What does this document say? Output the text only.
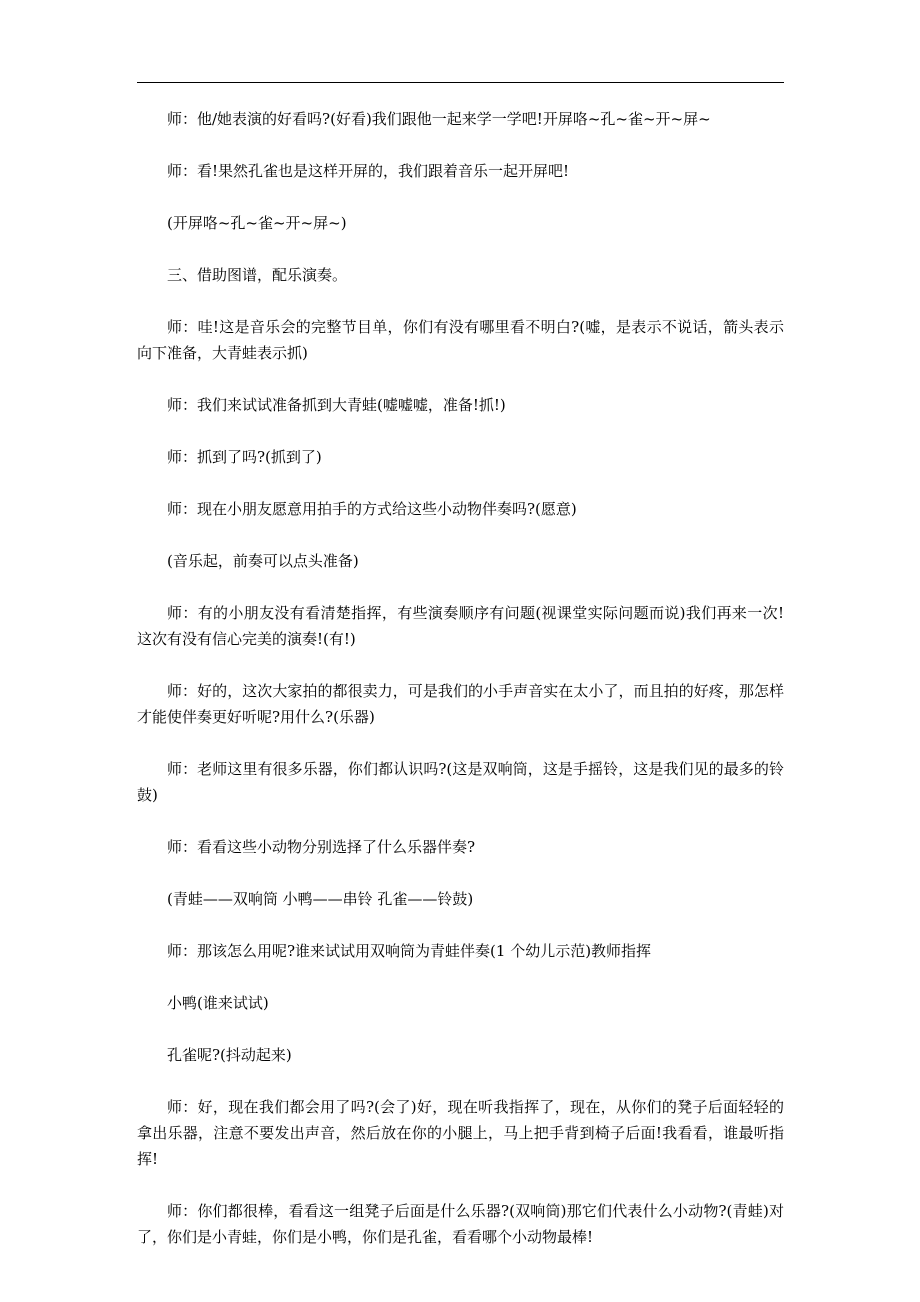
师：他/她表演的好看吗?(好看)我们跟他一起来学一学吧!开屏咯~孔~雀~开~屏~

师：看!果然孔雀也是这样开屏的，我们跟着音乐一起开屏吧!

(开屏咯~孔~雀~开~屏~)

三、借助图谱，配乐演奏。

师：哇!这是音乐会的完整节目单，你们有没有哪里看不明白?(嘘，是表示不说话，箭头表示向下准备，大青蛙表示抓)

师：我们来试试准备抓到大青蛙(嘘嘘嘘，准备!抓!)

师：抓到了吗?(抓到了)

师：现在小朋友愿意用拍手的方式给这些小动物伴奏吗?(愿意)

(音乐起，前奏可以点头准备)

师：有的小朋友没有看清楚指挥，有些演奏顺序有问题(视课堂实际问题而说)我们再来一次!这次有没有信心完美的演奏!(有!)

师：好的，这次大家拍的都很卖力，可是我们的小手声音实在太小了，而且拍的好疼，那怎样才能使伴奏更好听呢?用什么?(乐器)

师：老师这里有很多乐器，你们都认识吗?(这是双响筒，这是手摇铃，这是我们见的最多的铃鼓)

师：看看这些小动物分别选择了什么乐器伴奏?

(青蛙——双响筒 小鸭——串铃 孔雀——铃鼓)

师：那该怎么用呢?谁来试试用双响筒为青蛙伴奏(1 个幼儿示范)教师指挥

小鸭(谁来试试)

孔雀呢?(抖动起来)

师：好，现在我们都会用了吗?(会了)好，现在听我指挥了，现在，从你们的凳子后面轻轻的拿出乐器，注意不要发出声音，然后放在你的小腿上，马上把手背到椅子后面!我看看，谁最听指挥!

师：你们都很棒，看看这一组凳子后面是什么乐器?(双响筒)那它们代表什么小动物?(青蛙)对了，你们是小青蛙，你们是小鸭，你们是孔雀，看看哪个小动物最棒!
